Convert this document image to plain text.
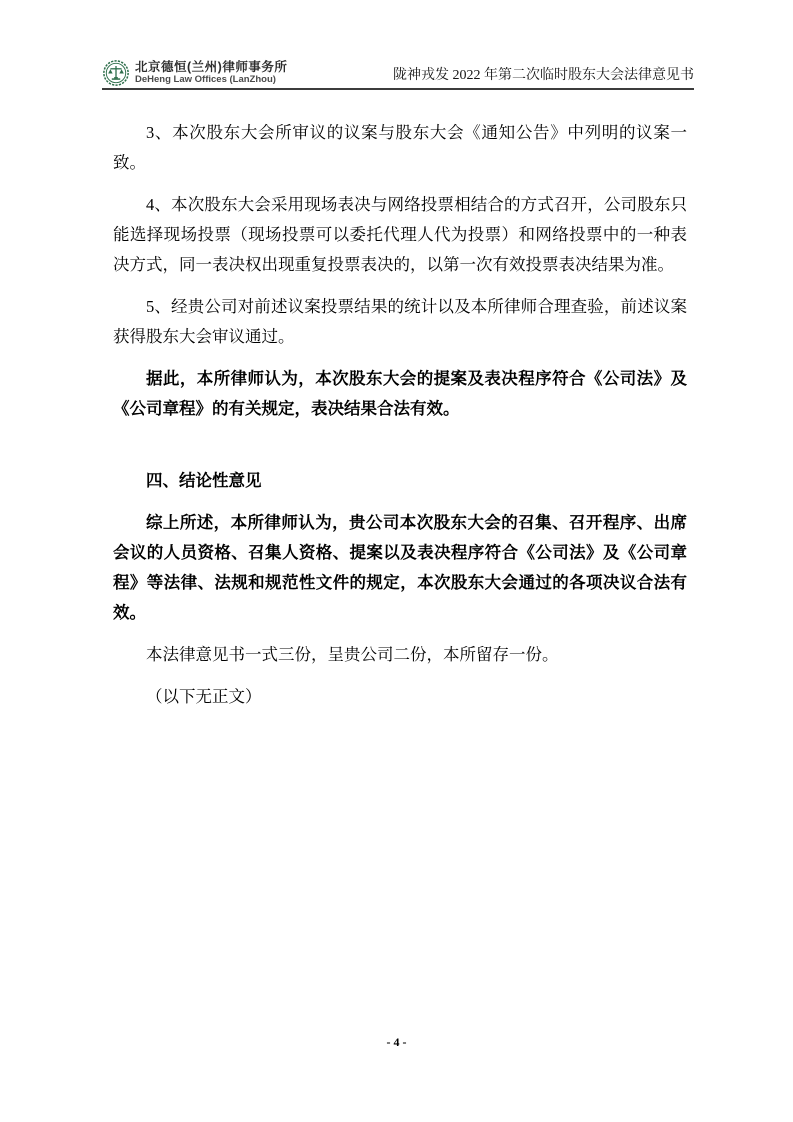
北京德恒(兰州)律师事务所
DeHeng Law Offices (LanZhou)	陇神戎发 2022 年第二次临时股东大会法律意见书

3、本次股东大会所审议的议案与股东大会《通知公告》中列明的议案一致。

4、本次股东大会采用现场表决与网络投票相结合的方式召开，公司股东只能选择现场投票（现场投票可以委托代理人代为投票）和网络投票中的一种表决方式，同一表决权出现重复投票表决的，以第一次有效投票表决结果为准。

5、经贵公司对前述议案投票结果的统计以及本所律师合理查验，前述议案获得股东大会审议通过。

据此，本所律师认为，本次股东大会的提案及表决程序符合《公司法》及《公司章程》的有关规定，表决结果合法有效。

四、结论性意见

综上所述，本所律师认为，贵公司本次股东大会的召集、召开程序、出席会议的人员资格、召集人资格、提案以及表决程序符合《公司法》及《公司章程》等法律、法规和规范性文件的规定，本次股东大会通过的各项决议合法有效。

本法律意见书一式三份，呈贵公司二份，本所留存一份。

（以下无正文）

- 4 -
